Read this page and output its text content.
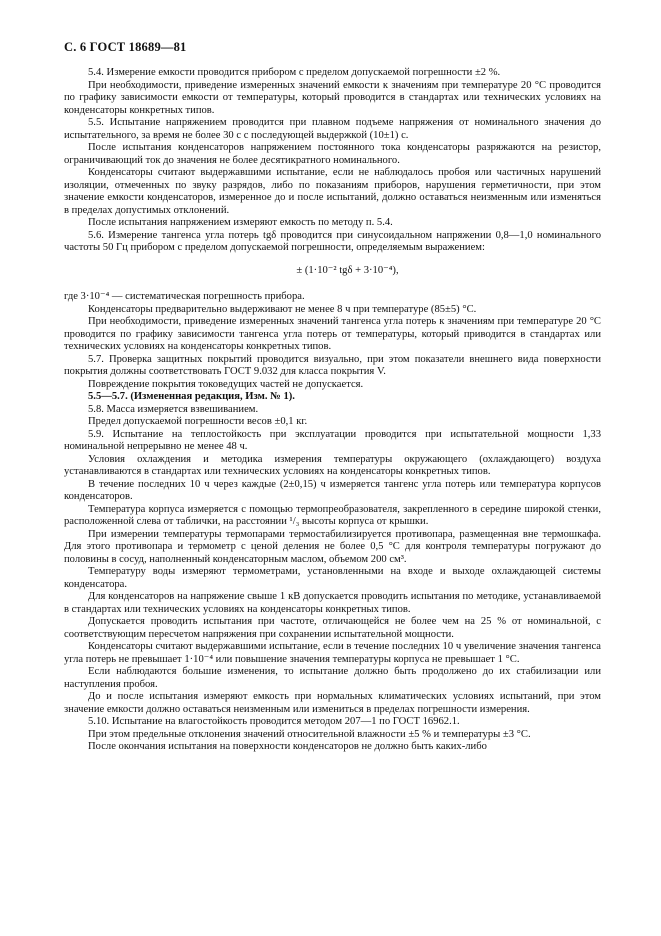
С. 6 ГОСТ 18689—81

5.4. Измерение емкости проводится прибором с пределом допускаемой погрешности ±2 %.

При необходимости, приведение измеренных значений емкости к значениям при температуре 20 °С проводится по графику зависимости емкости от температуры, который проводится в стандартах или технических условиях на конденсаторы конкретных типов.

5.5. Испытание напряжением проводится при плавном подъеме напряжения от номинального значения до испытательного, за время не более 30 с с последующей выдержкой (10±1) с.

После испытания конденсаторов напряжением постоянного тока конденсаторы разряжаются на резистор, ограничивающий ток до значения не более десятикратного номинального.

Конденсаторы считают выдержавшими испытание, если не наблюдалось пробоя или частичных нарушений изоляции, отмеченных по звуку разрядов, либо по показаниям приборов, нарушения герметичности, при этом значение емкости конденсаторов, измеренное до и после испытаний, должно оставаться неизменным или изменяться в пределах допустимых отклонений.

После испытания напряжением измеряют емкость по методу п. 5.4.

5.6. Измерение тангенса угла потерь tgδ проводится при синусоидальном напряжении 0,8—1,0 номинального частоты 50 Гц прибором с пределом допускаемой погрешности, определяемым выражением:

± (1·10⁻² tgδ + 3·10⁻⁴),

где 3·10⁻⁴ — систематическая погрешность прибора.

Конденсаторы предварительно выдерживают не менее 8 ч при температуре (85±5) °С.

При необходимости, приведение измеренных значений тангенса угла потерь к значениям при температуре 20 °С проводится по графику зависимости тангенса угла потерь от температуры, который приводится в стандартах или технических условиях на конденсаторы конкретных типов.

5.7. Проверка защитных покрытий проводится визуально, при этом показатели внешнего вида поверхности покрытия должны соответствовать ГОСТ 9.032 для класса покрытия V.

Повреждение покрытия токоведущих частей не допускается.

5.5—5.7. (Измененная редакция, Изм. № 1).

5.8. Масса измеряется взвешиванием.

Предел допускаемой погрешности весов ±0,1 кг.

5.9. Испытание на теплостойкость при эксплуатации проводится при испытательной мощности 1,33 номинальной непрерывно не менее 48 ч.

Условия охлаждения и методика измерения температуры окружающего (охлаждающего) воздуха устанавливаются в стандартах или технических условиях на конденсаторы конкретных типов.

В течение последних 10 ч через каждые (2±0,15) ч измеряется тангенс угла потерь или температура корпусов конденсаторов.

Температура корпуса измеряется с помощью термопреобразователя, закрепленного в середине широкой стенки, расположенной слева от таблички, на расстоянии ¹/₃ высоты корпуса от крышки.

При измерении температуры термопарами термостабилизируется противопара, размещенная вне термошкафа. Для этого противопара и термометр с ценой деления не более 0,5 °С для контроля температуры погружают до половины в сосуд, наполненный конденсаторным маслом, объемом 200 см³.

Температуру воды измеряют термометрами, установленными на входе и выходе охлаждающей системы конденсатора.

Для конденсаторов на напряжение свыше 1 кВ допускается проводить испытания по методике, устанавливаемой в стандартах или технических условиях на конденсаторы конкретных типов.

Допускается проводить испытания при частоте, отличающейся не более чем на 25 % от номинальной, с соответствующим пересчетом напряжения при сохранении испытательной мощности.

Конденсаторы считают выдержавшими испытание, если в течение последних 10 ч увеличение значения тангенса угла потерь не превышает 1·10⁻⁴ или повышение значения температуры корпуса не превышает 1 °С.

Если наблюдаются большие изменения, то испытание должно быть продолжено до их стабилизации или наступления пробоя.

До и после испытания измеряют емкость при нормальных климатических условиях испытаний, при этом значение емкости должно оставаться неизменным или измениться в пределах погрешности измерения.

5.10. Испытание на влагостойкость проводится методом 207—1 по ГОСТ 16962.1.

При этом предельные отклонения значений относительной влажности ±5 % и температуры ±3 °С.

После окончания испытания на поверхности конденсаторов не должно быть каких-либо
